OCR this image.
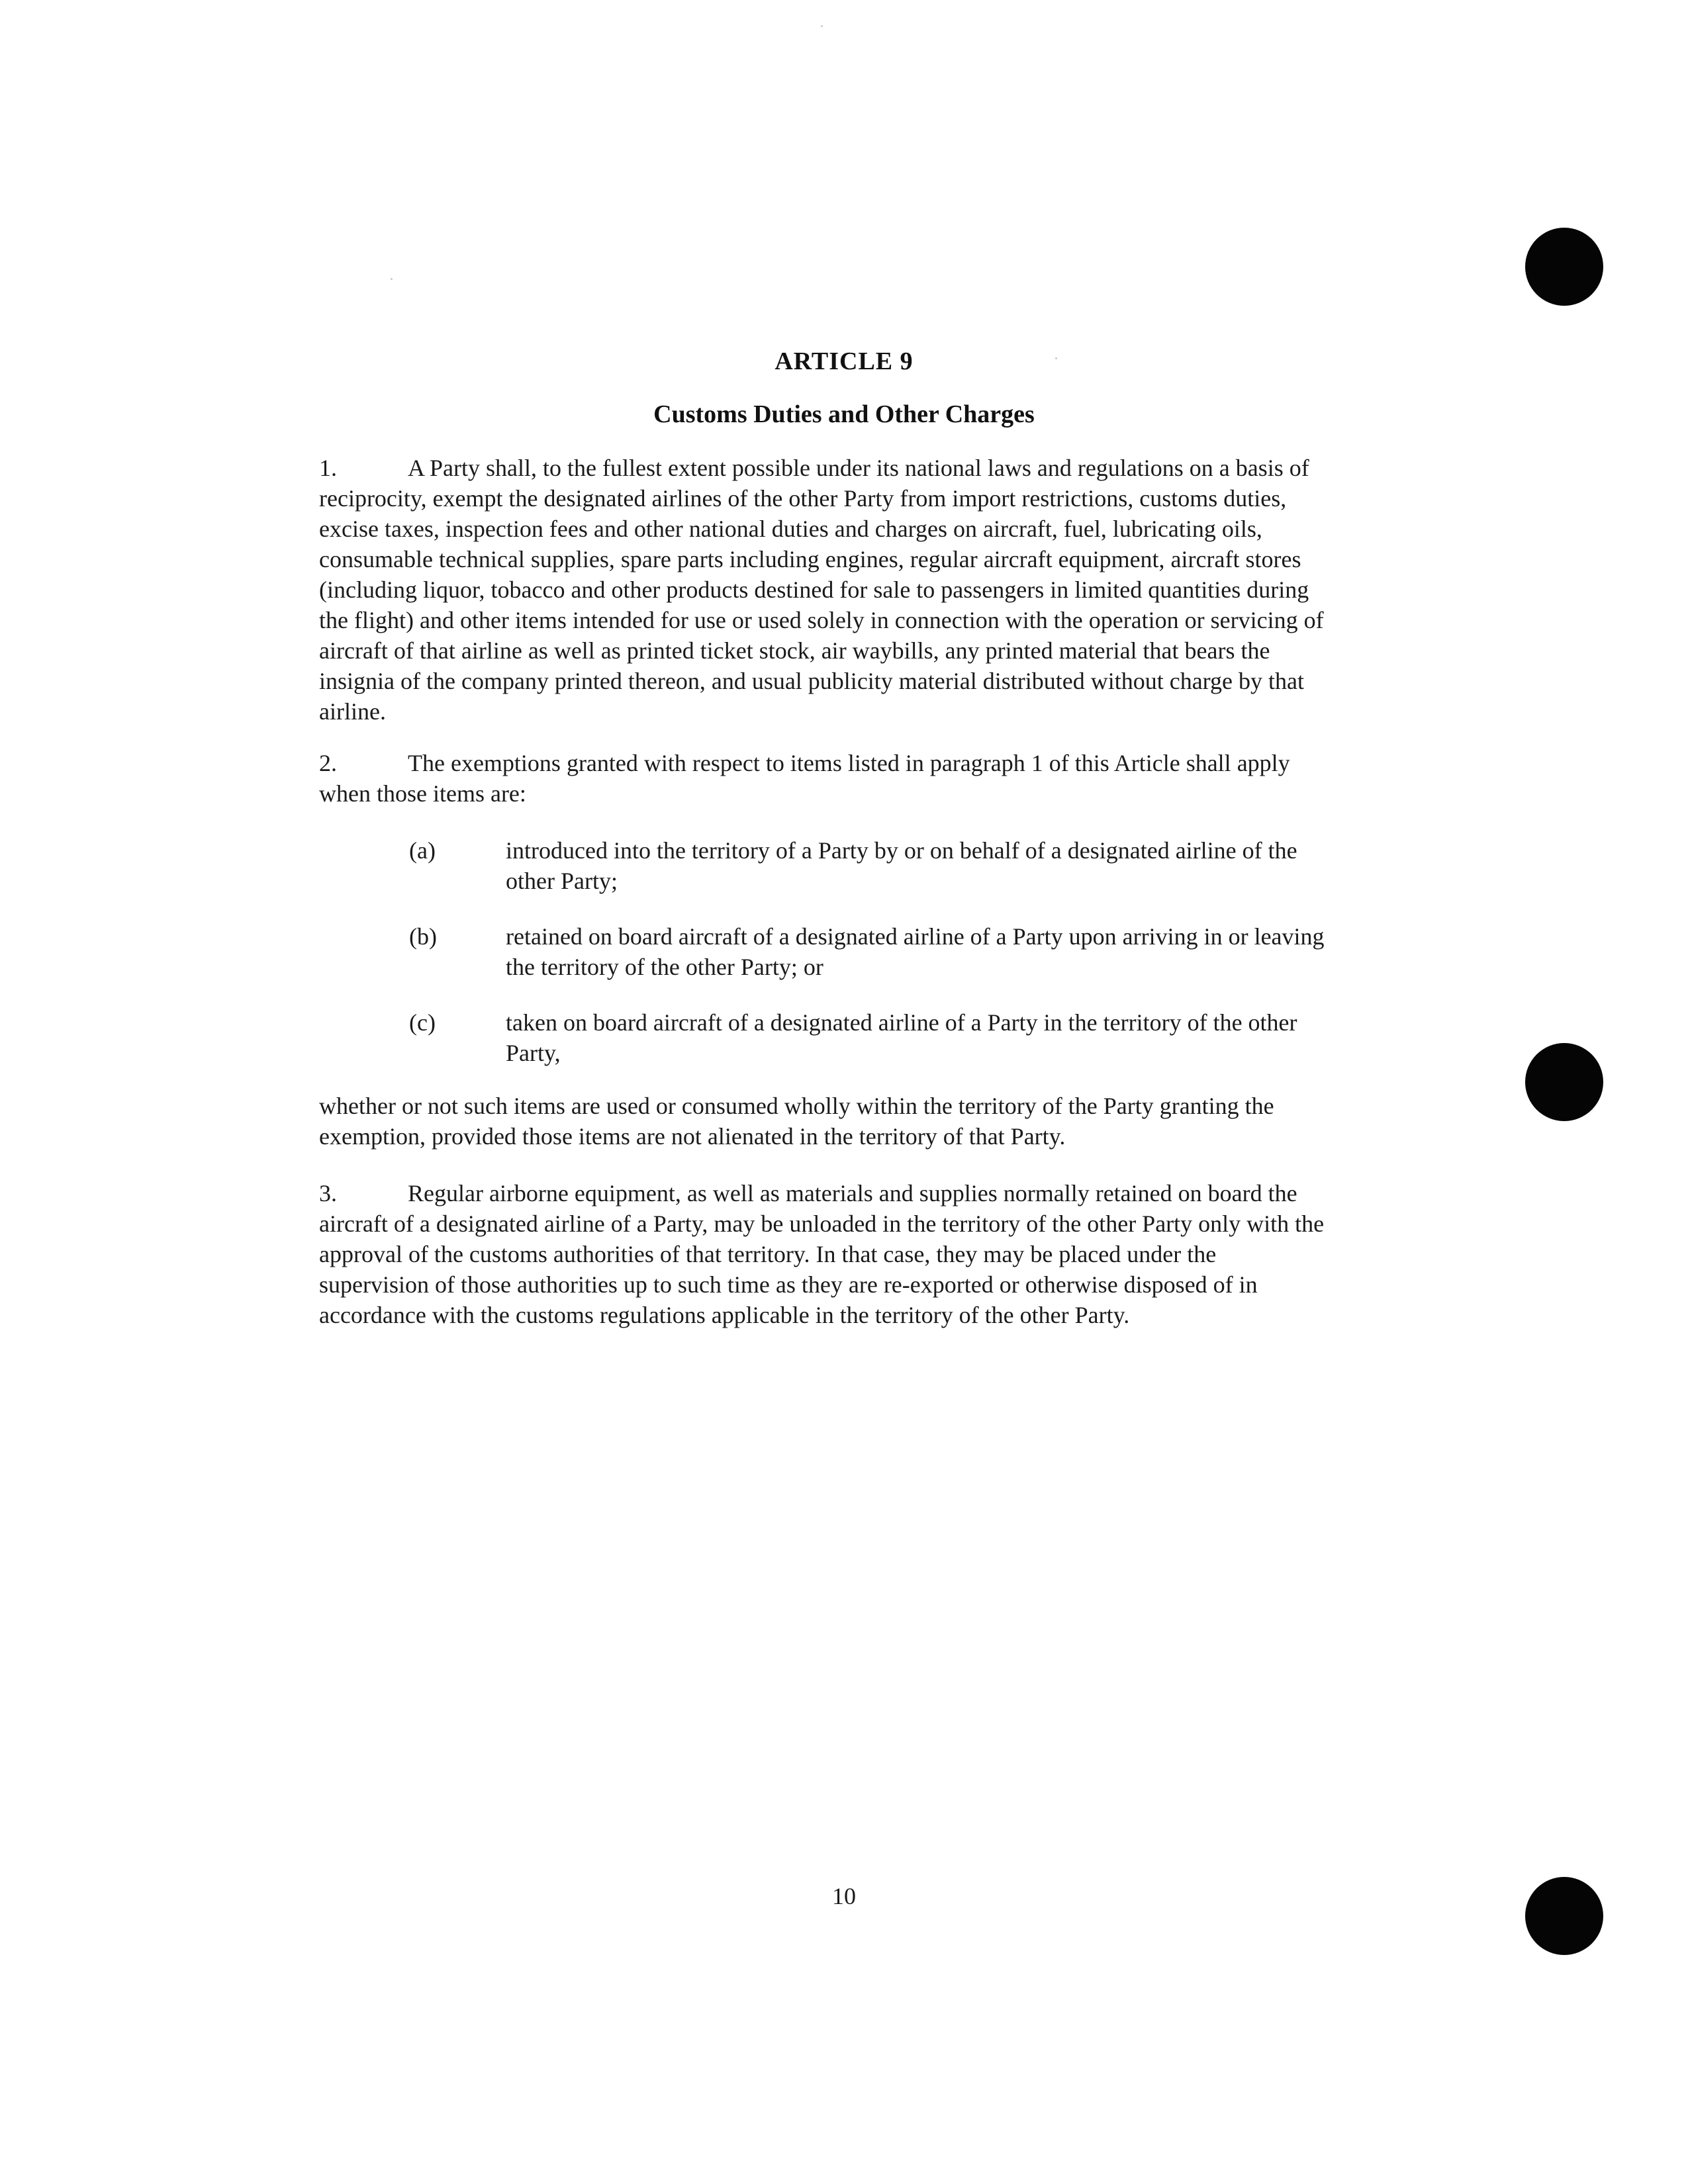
ARTICLE 9
Customs Duties and Other Charges

1.	A Party shall, to the fullest extent possible under its national laws and regulations on a basis of reciprocity, exempt the designated airlines of the other Party from import restrictions, customs duties, excise taxes, inspection fees and other national duties and charges on aircraft, fuel, lubricating oils, consumable technical supplies, spare parts including engines, regular aircraft equipment, aircraft stores (including liquor, tobacco and other products destined for sale to passengers in limited quantities during the flight) and other items intended for use or used solely in connection with the operation or servicing of aircraft of that airline as well as printed ticket stock, air waybills, any printed material that bears the insignia of the company printed thereon, and usual publicity material distributed without charge by that airline.

2.	The exemptions granted with respect to items listed in paragraph 1 of this Article shall apply when those items are:

(a)	introduced into the territory of a Party by or on behalf of a designated airline of the other Party;
(b)	retained on board aircraft of a designated airline of a Party upon arriving in or leaving the territory of the other Party; or
(c)	taken on board aircraft of a designated airline of a Party in the territory of the other Party,

whether or not such items are used or consumed wholly within the territory of the Party granting the exemption, provided those items are not alienated in the territory of that Party.

3.	Regular airborne equipment, as well as materials and supplies normally retained on board the aircraft of a designated airline of a Party, may be unloaded in the territory of the other Party only with the approval of the customs authorities of that territory. In that case, they may be placed under the supervision of those authorities up to such time as they are re-exported or otherwise disposed of in accordance with the customs regulations applicable in the territory of the other Party.

10
